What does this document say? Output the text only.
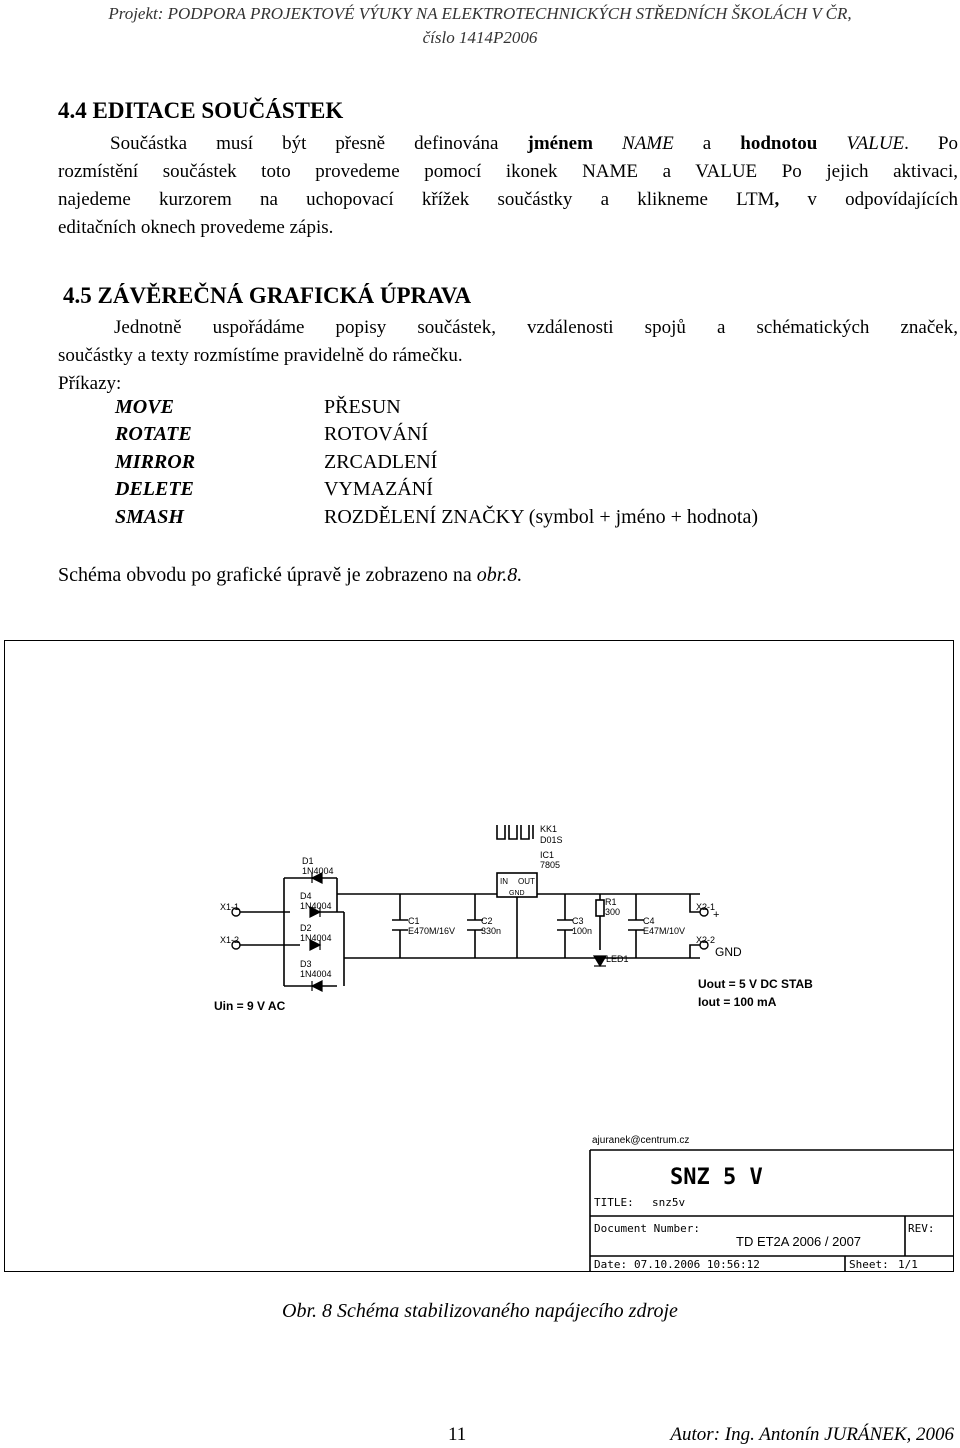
Projekt: PODPORA PROJEKTOVÉ VÝUKY NA ELEKTROTECHNICKÝCH STŘEDNÍCH ŠKOLÁCH V ČR,
číslo 1414P2006
4.4 EDITACE SOUČÁSTEK
Součástka musí být přesně definována jménem NAME a hodnotou VALUE. Po
rozmístění součástek toto provedeme pomocí ikonek NAME a VALUE Po jejich aktivaci,
najedeme kurzorem na uchopovací křížek součástky a klikneme LTM, v odpovídajících
editačních oknech provedeme zápis.
4.5 ZÁVĚREČNÁ GRAFICKÁ ÚPRAVA
Jednotně uspořádáme popisy součástek, vzdálenosti spojů a schématických značek,
součástky a texty rozmístíme pravidelně do rámečku.
Příkazy:
MOVE	PŘESUN
ROTATE	ROTOVÁNÍ
MIRROR	ZRCADLENÍ
DELETE	VYMAZÁNÍ
SMASH	ROZDĚLENÍ ZNAČKY (symbol + jméno + hodnota)
Schéma obvodu po grafické úpravě je zobrazeno na obr.8.
KK1
D01S
IC1
7805
IN OUT
GND
D1
1N4004
D4
1N4004
D2
1N4004
D3
1N4004
X1-1
X1-2
C1
E470M/16V
C2
330n
C3
100n
R1
300
C4
E47M/10V
LED1
X2-1
+
X2-2
GND
Uin = 9 V AC
Uout = 5 V DC STAB
Iout = 100 mA
ajuranek@centrum.cz
SNZ 5 V
TITLE: snz5v
Document Number:
TD ET2A 2006 / 2007
REV:
Date: 07.10.2006 10:56:12	Sheet: 1/1
Obr. 8 Schéma stabilizovaného napájecího zdroje
11	Autor: Ing. Antonín JURÁNEK, 2006
